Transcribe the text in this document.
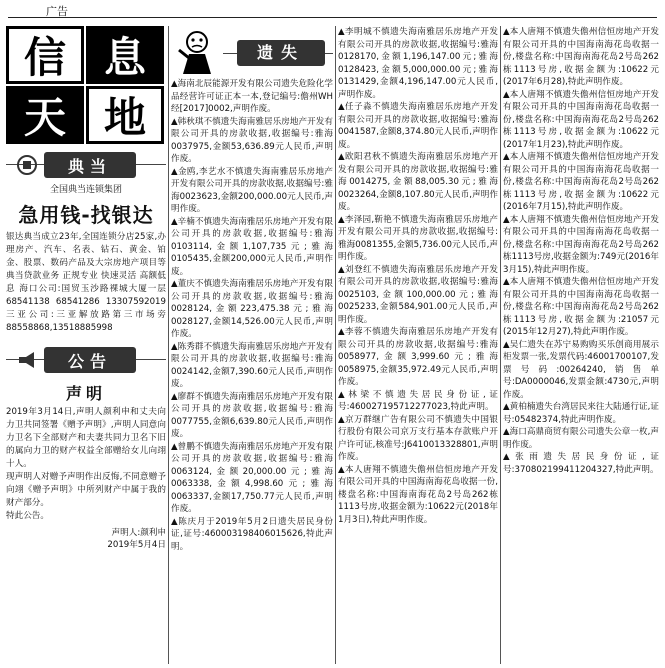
广告
信 息
天 地
典当
全国典当连锁集团
急用钱-找银达
银达典当成立23年,全国连锁分店25家,办理房产、汽车、名表、钻石、黄金、铂金、股票、数码产品及大宗房地产项目等典当贷款业务 正规专业 快速灵活 高额低息 海口公司:国贸玉沙路裸城大厦一层 68541138 68541286 13307592019 三亚公司:三亚解放路第三市场旁88558868,13518885998
公告
声明
2019年3月14日,声明人颜利申和丈夫向力卫共同签署《赠予声明》,声明人同意向力卫名下全部财产和夫妻共同力卫名下旧的属向力卫的财产权益全部赠给女儿向翊十人。
现声明人对赠予声明作出反悔,不同意赠予向翊《赠予声明》中所列财产中属于我的财产部分。
特此公告。
声明人:颜利申
2019年5月4日
遗失

▲海南北辰能源开发有限公司遗失危险化学品经营许可证正本一本,登记编号:儋州WH经[2017]0002,声明作废。

▲韩秋琪不慎遗失海南雅居乐房地产开发有限公司开具的房款收据,收据编号:雅海0037975,金额53,636.89元人民币,声明作废。

▲金鸥,李艺水不慎遗失海南雅居乐房地产开发有限公司开具的房款收据,收据编号:雅海0023623,金额200,000.00元人民币,声明作废。

▲辛楠不慎遗失海南雅居乐房地产开发有限公司开具的房款收据,收据编号:雅海0103114,金额1,107,735元;雅海0105435,金额200,000元人民币,声明作废。

▲董庆不慎遗失海南雅居乐房地产开发有限公司开具的房款收据,收据编号:雅海0028124,金额223,475.38元;雅海0028127,金额14,526.00元人民币,声明作废。

▲陈秀群不慎遗失海南雅居乐房地产开发有限公司开具的房款收据,收据编号:雅海0024142,金额7,390.60元人民币,声明作废。

▲廖群不慎遗失海南雅居乐房地产开发有限公司开具的房款收据,收据编号:雅海0077755,金额6,639.80元人民币,声明作废。

▲曾鹏不慎遗失海南雅居乐房地产开发有限公司开具的房款收据,收据编号:雅海0063124,金额20,000.00元;雅海0063338,金额4,998.60元;雅海0063337,金额17,750.77元人民币,声明作废。

▲陈庆月于2019年5月2日遗失居民身份证,证号:460003198406015626,特此声明。

▲李明城不慎遗失海南雅居乐房地产开发有限公司开具的房款收据,收据编号:雅海0128170,金额1,196,147.00元;雅海0128423,金额5,000,000.00元;雅海0131429,金额4,196,147.00元人民币,声明作废。

▲任子淼不慎遗失海南雅居乐房地产开发有限公司开具的房款收据,收据编号:雅海0041587,金额8,374.80元人民币,声明作废。

▲欧阳君秋不慎遗失海南雅居乐房地产开发有限公司开具的房款收据,收据编号:雅海0014275,金额88,005.30元;雅海0023264,金额8,107.80元人民币,声明作废。

▲李泽园,靳艳不慎遗失海南雅居乐房地产开发有限公司开具的房款收据,收据编号:雅海0081355,金额5,736.00元人民币,声明作废。

▲刘登红不慎遗失海南雅居乐房地产开发有限公司开具的房款收据,收据编号:雅海0025103,金额100,000.00元;雅海0025233,金额584,901.00元人民币,声明作废。

▲李蓉不慎遗失海南雅居乐房地产开发有限公司开具的房款收据,收据编号:雅海0058977,金额3,999.60元;雅海0058975,金额35,972.49元人民币,声明作废。

▲林梁不慎遗失居民身份证,证号:460027195712277023,特此声明。

▲京万群继广告有限公司不慎遗失中国银行股份有限公司京万支行基本存款账户开户许可证,核准号:J6410013328801,声明作废。

▲本人唐翔不慎遗失儋州信恒房地产开发有限公司开具的中国海南海花岛收据一份,楼盘名称:中国海南海花岛2号岛262栋1113号房,收据金额为:10622元(2018年1月3日),特此声明作废。

▲本人唐翔不慎遗失儋州信恒房地产开发有限公司开具的中国海南海花岛收据一份,楼盘名称:中国海南海花岛2号岛262栋1113号房,收据金额为:10622元(2017年6月28),特此声明作废。

▲本人唐翔不慎遗失儋州信恒房地产开发有限公司开具的中国海南海花岛收据一份,楼盘名称:中国海南海花岛2号岛262栋1113号房,收据金额为:10622元(2017年1月23),特此声明作废。

▲本人唐翔不慎遗失儋州信恒房地产开发有限公司开具的中国海南海花岛收据一份,楼盘名称:中国海南海花岛2号岛262栋1113号房,收据金额为:10622元(2016年7月15),特此声明作废。

▲本人唐翔不慎遗失儋州信恒房地产开发有限公司开具的中国海南海花岛收据一份,楼盘名称:中国海南海花岛2号岛262栋1113号房,收据金额为:749元(2016年3月15),特此声明作废。

▲本人唐翔不慎遗失儋州信恒房地产开发有限公司开具的中国海南海花岛收据一份,楼盘名称:中国海南海花岛2号岛262栋1113号房,收据金额为:21057元(2015年12月27),特此声明作废。

▲吴仁遗失在苏宁易购购买乐创商用展示柜发票一张,发票代码:46001700107,发票号码:00264240,销售单号:DA0000046,发票金额:4730元,声明作废。

▲黄柏楠遗失台湾居民来往大陆通行证,证号:05482374,特此声明作废。

▲海口高鼎商贸有限公司遗失公章一枚,声明作废。

▲张雨遗失居民身份证,证号:370802199411204327,特此声明。
